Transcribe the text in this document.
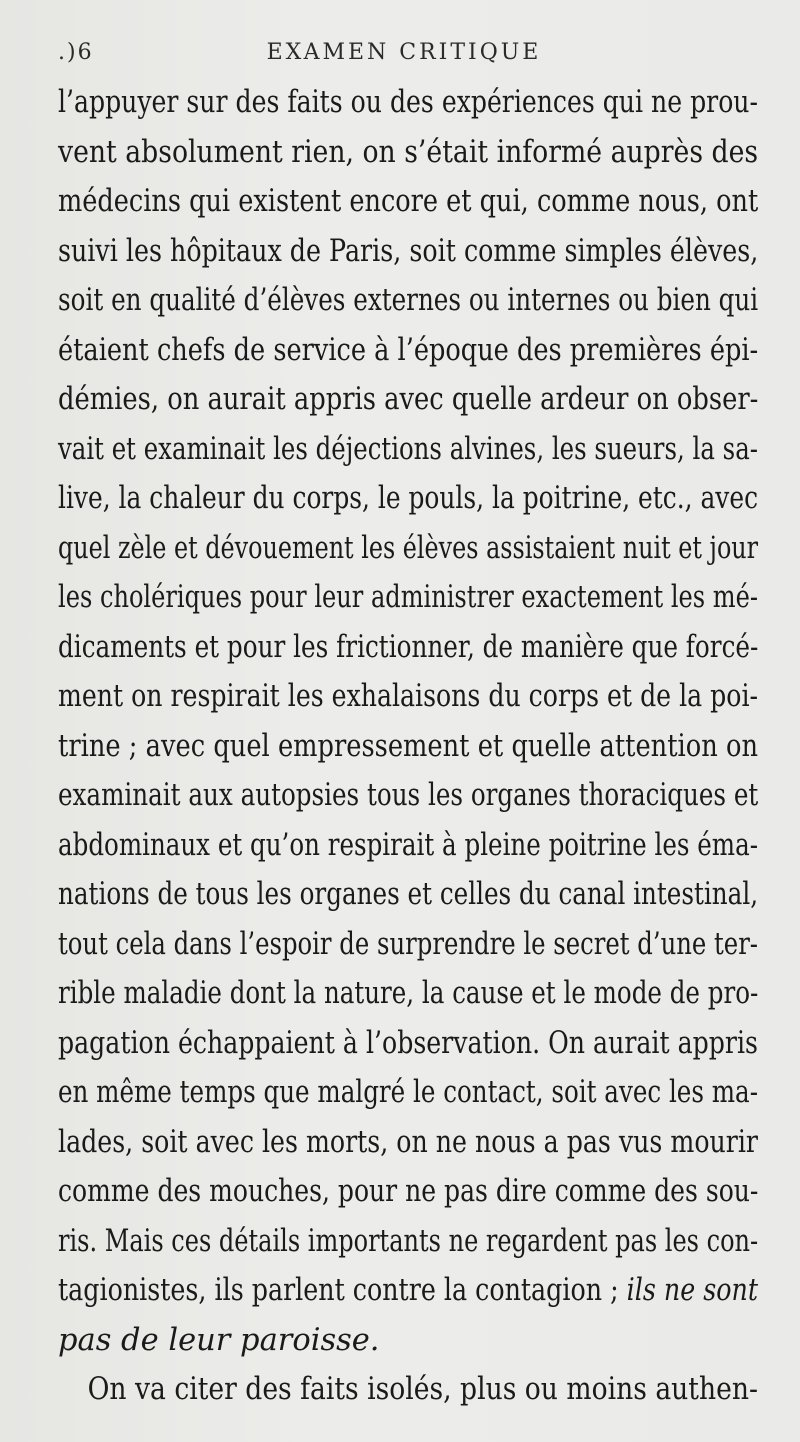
.)6	EXAMEN CRITIQUE
l’appuyer sur des faits ou des expériences qui ne prou-
vent absolument rien, on s’était informé auprès des
médecins qui existent encore et qui, comme nous, ont
suivi les hôpitaux de Paris, soit comme simples élèves,
soit en qualité d’élèves externes ou internes ou bien qui
étaient chefs de service à l’époque des premières épi-
démies, on aurait appris avec quelle ardeur on obser-
vait et examinait les déjections alvines, les sueurs, la sa-
live, la chaleur du corps, le pouls, la poitrine, etc., avec
quel zèle et dévouement les élèves assistaient nuit et jour
les cholériques pour leur administrer exactement les mé-
dicaments et pour les frictionner, de manière que forcé-
ment on respirait les exhalaisons du corps et de la poi-
trine ; avec quel empressement et quelle attention on
examinait aux autopsies tous les organes thoraciques et
abdominaux et qu’on respirait à pleine poitrine les éma-
nations de tous les organes et celles du canal intestinal,
tout cela dans l’espoir de surprendre le secret d’une ter-
rible maladie dont la nature, la cause et le mode de pro-
pagation échappaient à l’observation. On aurait appris
en même temps que malgré le contact, soit avec les ma-
lades, soit avec les morts, on ne nous a pas vus mourir
comme des mouches, pour ne pas dire comme des sou-
ris. Mais ces détails importants ne regardent pas les con-
tagionistes, ils parlent contre la contagion ; ils ne sont
pas de leur paroisse.
On va citer des faits isolés, plus ou moins authen-
